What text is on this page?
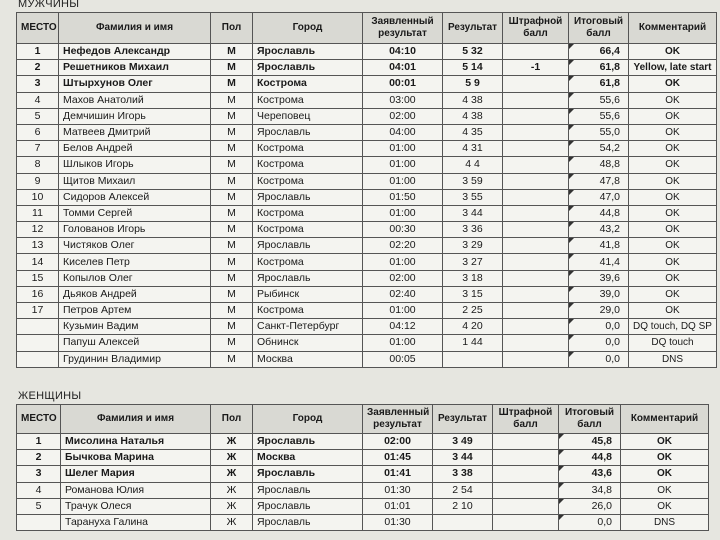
МУЖЧИНЫ
МЕСТО	Фамилия и имя	Пол	Город	Заявленный результат	Результат	Штрафной балл	Итоговый балл	Комментарий
1	Нефедов Александр	М	Ярославль	04:10	5 32		66,4	OK
2	Решетников Михаил	М	Ярославль	04:01	5 14	-1	61,8	Yellow, late start
3	Штырхунов Олег	М	Кострома	00:01	5 9		61,8	OK
4	Махов Анатолий	М	Кострома	03:00	4 38		55,6	OK
5	Демчишин Игорь	М	Череповец	02:00	4 38		55,6	OK
6	Матвеев Дмитрий	М	Ярославль	04:00	4 35		55,0	OK
7	Белов Андрей	М	Кострома	01:00	4 31		54,2	OK
8	Шлыков Игорь	М	Кострома	01:00	4 4		48,8	OK
9	Щитов Михаил	М	Кострома	01:00	3 59		47,8	OK
10	Сидоров Алексей	М	Ярославль	01:50	3 55		47,0	OK
11	Томми Сергей	М	Кострома	01:00	3 44		44,8	OK
12	Голованов Игорь	М	Кострома	00:30	3 36		43,2	OK
13	Чистяков Олег	М	Ярославль	02:20	3 29		41,8	OK
14	Киселев Петр	М	Кострома	01:00	3 27		41,4	OK
15	Копылов Олег	М	Ярославль	02:00	3 18		39,6	OK
16	Дьяков Андрей	М	Рыбинск	02:40	3 15		39,0	OK
17	Петров Артем	М	Кострома	01:00	2 25		29,0	OK
	Кузьмин Вадим	М	Санкт-Петербург	04:12	4 20		0,0	DQ touch, DQ SP
	Папуш Алексей	М	Обнинск	01:00	1 44		0,0	DQ touch
	Грудинин Владимир	М	Москва	00:05			0,0	DNS
ЖЕНЩИНЫ
МЕСТО	Фамилия и имя	Пол	Город	Заявленный результат	Результат	Штрафной балл	Итоговый балл	Комментарий
1	Мисолина Наталья	Ж	Ярославль	02:00	3 49		45,8	OK
2	Бычкова Марина	Ж	Москва	01:45	3 44		44,8	OK
3	Шелег Мария	Ж	Ярославль	01:41	3 38		43,6	OK
4	Романова Юлия	Ж	Ярославль	01:30	2 54		34,8	OK
5	Трачук Олеся	Ж	Ярославль	01:01	2 10		26,0	OK
	Тарануха Галина	Ж	Ярославль	01:30			0,0	DNS
